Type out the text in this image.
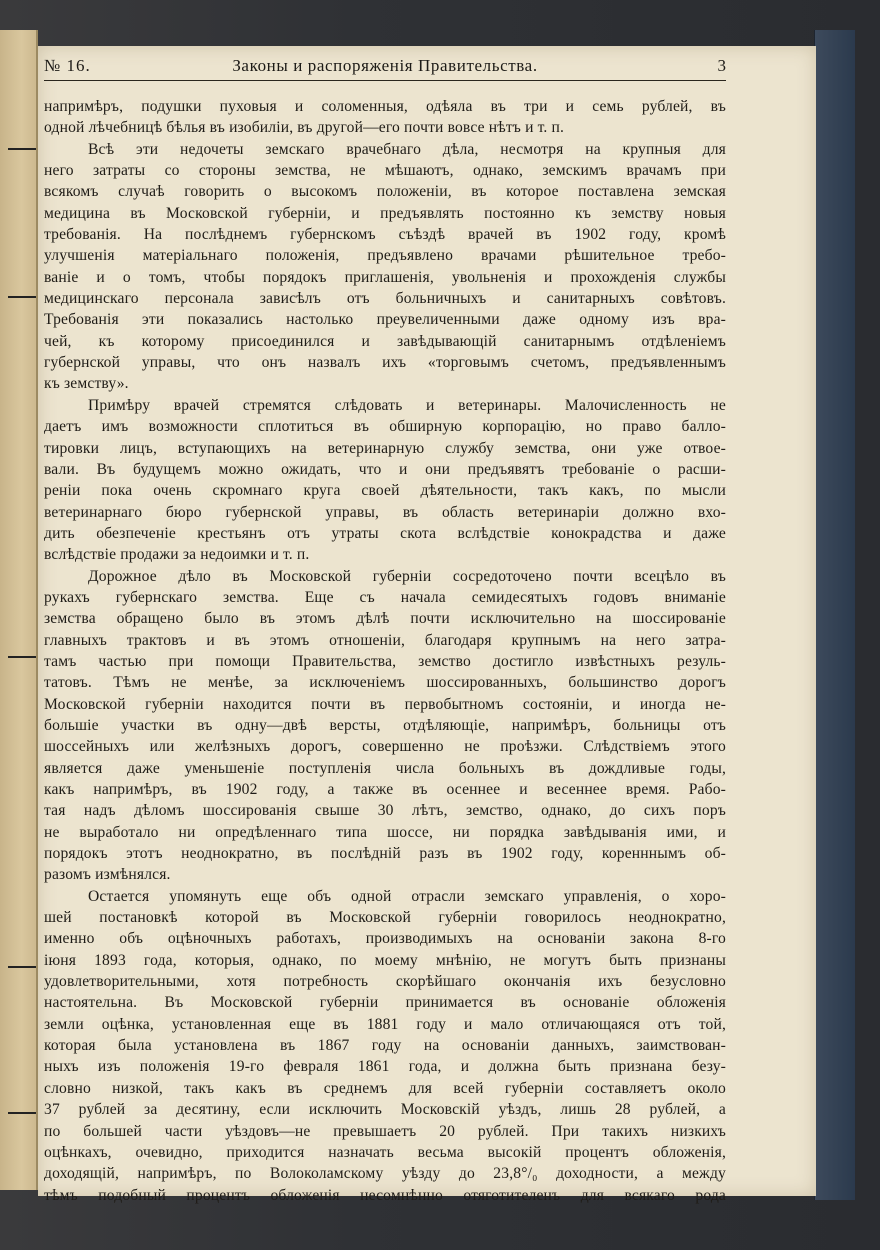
№ 16.	Законы и распоряженія Правительства.	3
напримѣръ, подушки пуховыя и соломенныя, одѣяла въ три и семь рублей, въ
одной лѣчебницѣ бѣлья въ изобиліи, въ другой—его почти вовсе нѣтъ и т. п.
Всѣ эти недочеты земскаго врачебнаго дѣла, несмотря на крупныя для
него затраты со стороны земства, не мѣшаютъ, однако, земскимъ врачамъ при
всякомъ случаѣ говорить о высокомъ положеніи, въ которое поставлена земская
медицина въ Московской губерніи, и предъявлять постоянно къ земству новыя
требованія. На послѣднемъ губернскомъ съѣздѣ врачей въ 1902 году, кромѣ
улучшенія матеріальнаго положенія, предъявлено врачами рѣшительное требо-
ваніе и о томъ, чтобы порядокъ приглашенія, увольненія и прохожденія службы
медицинскаго персонала зависѣлъ отъ больничныхъ и санитарныхъ совѣтовъ.
Требованія эти показались настолько преувеличенными даже одному изъ вра-
чей, къ которому присоединился и завѣдывающій санитарнымъ отдѣленіемъ
губернской управы, что онъ назвалъ ихъ «торговымъ счетомъ, предъявленнымъ
къ земству».
Примѣру врачей стремятся слѣдовать и ветеринары. Малочисленность не
даетъ имъ возможности сплотиться въ обширную корпорацію, но право балло-
тировки лицъ, вступающихъ на ветеринарную службу земства, они уже отвое-
вали. Въ будущемъ можно ожидать, что и они предъявятъ требованіе о расши-
реніи пока очень скромнаго круга своей дѣятельности, такъ какъ, по мысли
ветеринарнаго бюро губернской управы, въ область ветеринаріи должно вхо-
дить обезпеченіе крестьянъ отъ утраты скота вслѣдствіе конокрадства и даже
вслѣдствіе продажи за недоимки и т. п.
Дорожное дѣло въ Московской губерніи сосредоточено почти всецѣло въ
рукахъ губернскаго земства. Еще съ начала семидесятыхъ годовъ вниманіе
земства обращено было въ этомъ дѣлѣ почти исключительно на шоссированіе
главныхъ трактовъ и въ этомъ отношеніи, благодаря крупнымъ на него затра-
тамъ частью при помощи Правительства, земство достигло извѣстныхъ резуль-
татовъ. Тѣмъ не менѣе, за исключеніемъ шоссированныхъ, большинство дорогъ
Московской губерніи находится почти въ первобытномъ состояніи, и иногда не-
большіе участки въ одну—двѣ версты, отдѣляющіе, напримѣръ, больницы отъ
шоссейныхъ или желѣзныхъ дорогъ, совершенно не проѣзжи. Слѣдствіемъ этого
является даже уменьшеніе поступленія числа больныхъ въ дождливые годы,
какъ напримѣръ, въ 1902 году, а также въ осеннее и весеннее время. Рабо-
тая надъ дѣломъ шоссированія свыше 30 лѣтъ, земство, однако, до сихъ поръ
не выработало ни опредѣленнаго типа шоссе, ни порядка завѣдыванія ими, и
порядокъ этотъ неоднократно, въ послѣдній разъ въ 1902 году, коренннымъ об-
разомъ измѣнялся.
Остается упомянуть еще объ одной отрасли земскаго управленія, о хоро-
шей постановкѣ которой въ Московской губерніи говорилось неоднократно,
именно объ оцѣночныхъ работахъ, производимыхъ на основаніи закона 8-го
іюня 1893 года, которыя, однако, по моему мнѣнію, не могутъ быть признаны
удовлетворительными, хотя потребность скорѣйшаго окончанія ихъ безусловно
настоятельна. Въ Московской губерніи принимается въ основаніе обложенія
земли оцѣнка, установленная еще въ 1881 году и мало отличающаяся отъ той,
которая была установлена въ 1867 году на основаніи данныхъ, заимствован-
ныхъ изъ положенія 19-го февраля 1861 года, и должна быть признана безу-
словно низкой, такъ какъ въ среднемъ для всей губерніи составляетъ около
37 рублей за десятину, если исключить Московскій уѣздъ, лишь 28 рублей, а
по большей части уѣздовъ—не превышаетъ 20 рублей. При такихъ низкихъ
оцѣнкахъ, очевидно, приходится назначать весьма высокій процентъ обложенія,
доходящій, напримѣръ, по Волоколамскому уѣзду до 23,8°/₀ доходности, а между
тѣмъ подобный процентъ обложенія несомнѣнно отяготителенъ для всякаго рода
